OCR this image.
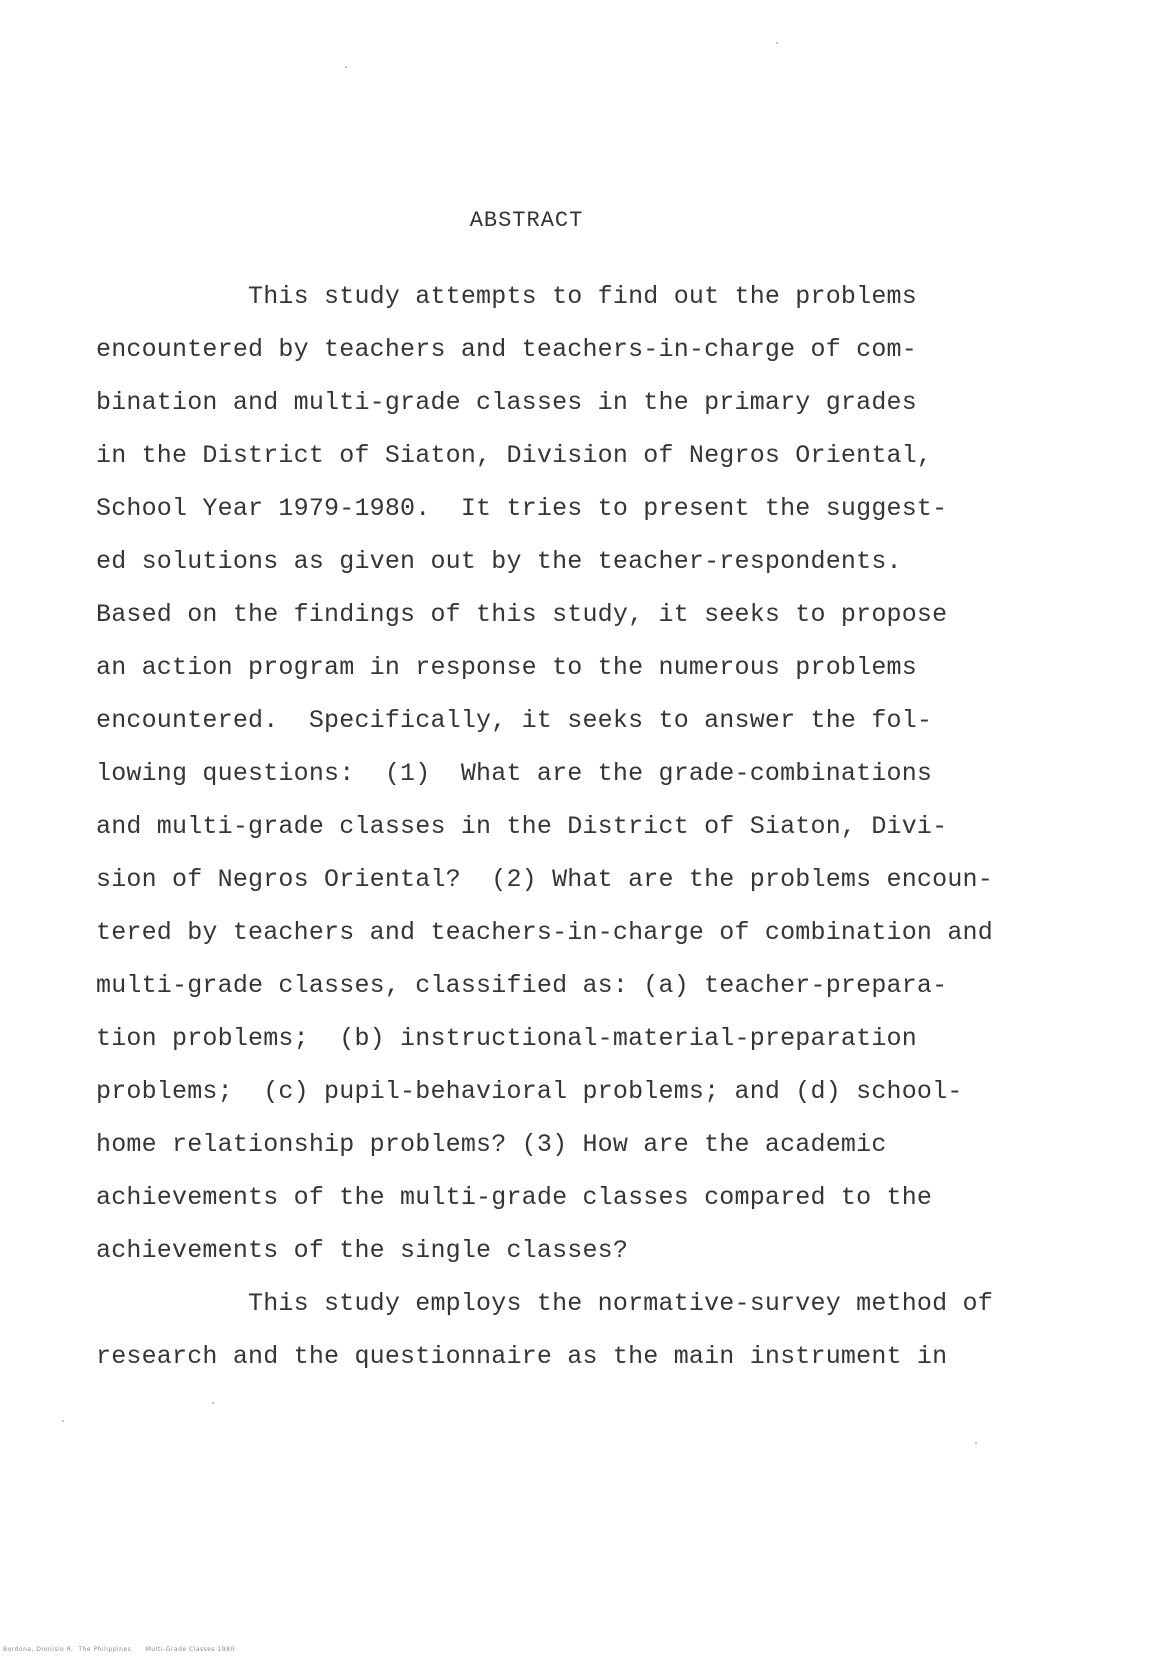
ABSTRACT

This study attempts to find out the problems

encountered by teachers and teachers-in-charge of com-

bination and multi-grade classes in the primary grades

in the District of Siaton, Division of Negros Oriental,

School Year 1979-1980.  It tries to present the suggest-

ed solutions as given out by the teacher-respondents.

Based on the findings of this study, it seeks to propose

an action program in response to the numerous problems

encountered.  Specifically, it seeks to answer the fol-

lowing questions:  (1)  What are the grade-combinations

and multi-grade classes in the District of Siaton, Divi-

sion of Negros Oriental?  (2) What are the problems encoun-

tered by teachers and teachers-in-charge of combination and

multi-grade classes, classified as: (a) teacher-prepara-

tion problems;  (b) instructional-material-preparation

problems;  (c) pupil-behavioral problems; and (d) school-

home relationship problems? (3) How are the academic

achievements of the multi-grade classes compared to the

achievements of the single classes?

This study employs the normative-survey method of

research and the questionnaire as the main instrument in

Bordona, Dionisio R.  The Philippines      Multi-Grade Classes 1980
